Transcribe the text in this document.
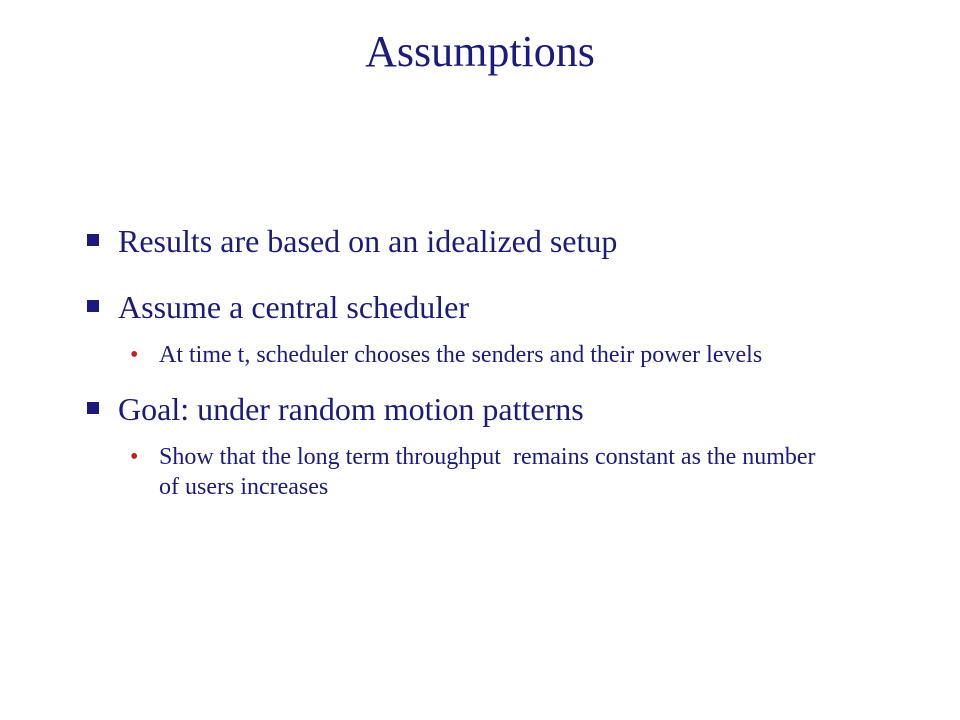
Assumptions
Results are based on an idealized setup
Assume a central scheduler
• At time t, scheduler chooses the senders and their power levels
Goal: under random motion patterns
• Show that the long term throughput  remains constant as the number of users increases
